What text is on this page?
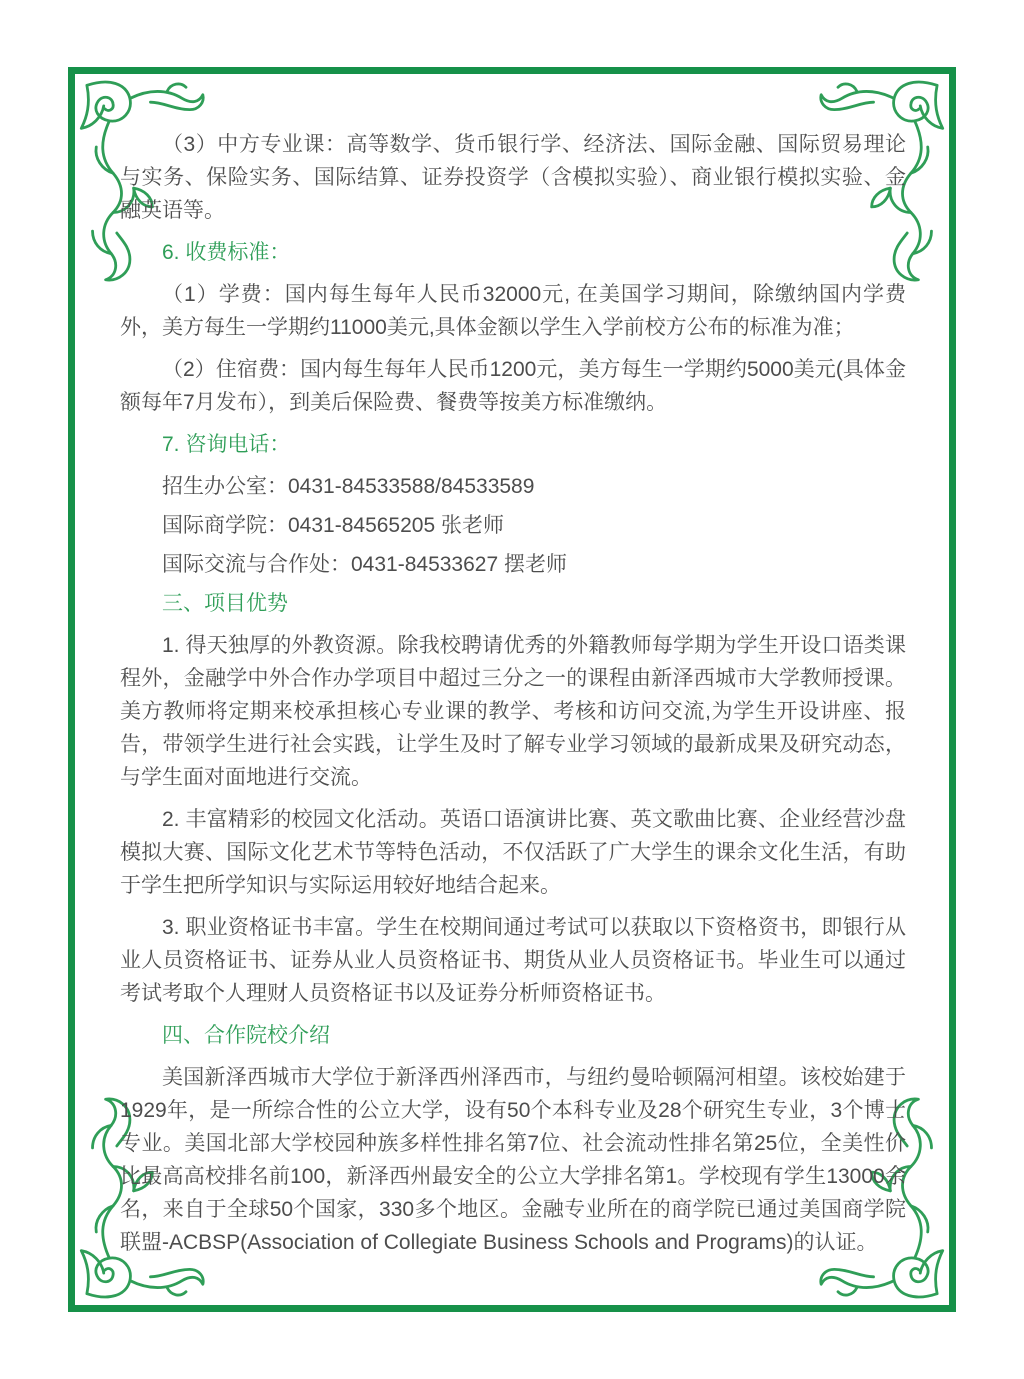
（3）中方专业课：高等数学、货币银行学、经济法、国际金融、国际贸易理论与实务、保险实务、国际结算、证券投资学（含模拟实验）、商业银行模拟实验、金融英语等。

6. 收费标准：

（1）学费：国内每生每年人民币32000元, 在美国学习期间，除缴纳国内学费外，美方每生一学期约11000美元,具体金额以学生入学前校方公布的标准为准；

（2）住宿费：国内每生每年人民币1200元，美方每生一学期约5000美元(具体金额每年7月发布），到美后保险费、餐费等按美方标准缴纳。

7. 咨询电话：

招生办公室：0431-84533588/84533589

国际商学院：0431-84565205 张老师

国际交流与合作处：0431-84533627 摆老师

三、项目优势

1. 得天独厚的外教资源。除我校聘请优秀的外籍教师每学期为学生开设口语类课程外，金融学中外合作办学项目中超过三分之一的课程由新泽西城市大学教师授课。美方教师将定期来校承担核心专业课的教学、考核和访问交流,为学生开设讲座、报告，带领学生进行社会实践，让学生及时了解专业学习领域的最新成果及研究动态，与学生面对面地进行交流。

2. 丰富精彩的校园文化活动。英语口语演讲比赛、英文歌曲比赛、企业经营沙盘模拟大赛、国际文化艺术节等特色活动，不仅活跃了广大学生的课余文化生活，有助于学生把所学知识与实际运用较好地结合起来。

3. 职业资格证书丰富。学生在校期间通过考试可以获取以下资格资书，即银行从业人员资格证书、证券从业人员资格证书、期货从业人员资格证书。毕业生可以通过考试考取个人理财人员资格证书以及证券分析师资格证书。

四、合作院校介绍

美国新泽西城市大学位于新泽西州泽西市，与纽约曼哈顿隔河相望。该校始建于1929年，是一所综合性的公立大学，设有50个本科专业及28个研究生专业，3个博士专业。美国北部大学校园种族多样性排名第7位、社会流动性排名第25位，全美性价比最高高校排名前100，新泽西州最安全的公立大学排名第1。学校现有学生13000余名，来自于全球50个国家，330多个地区。金融专业所在的商学院已通过美国商学院联盟-ACBSP(Association of Collegiate Business Schools and Programs)的认证。
